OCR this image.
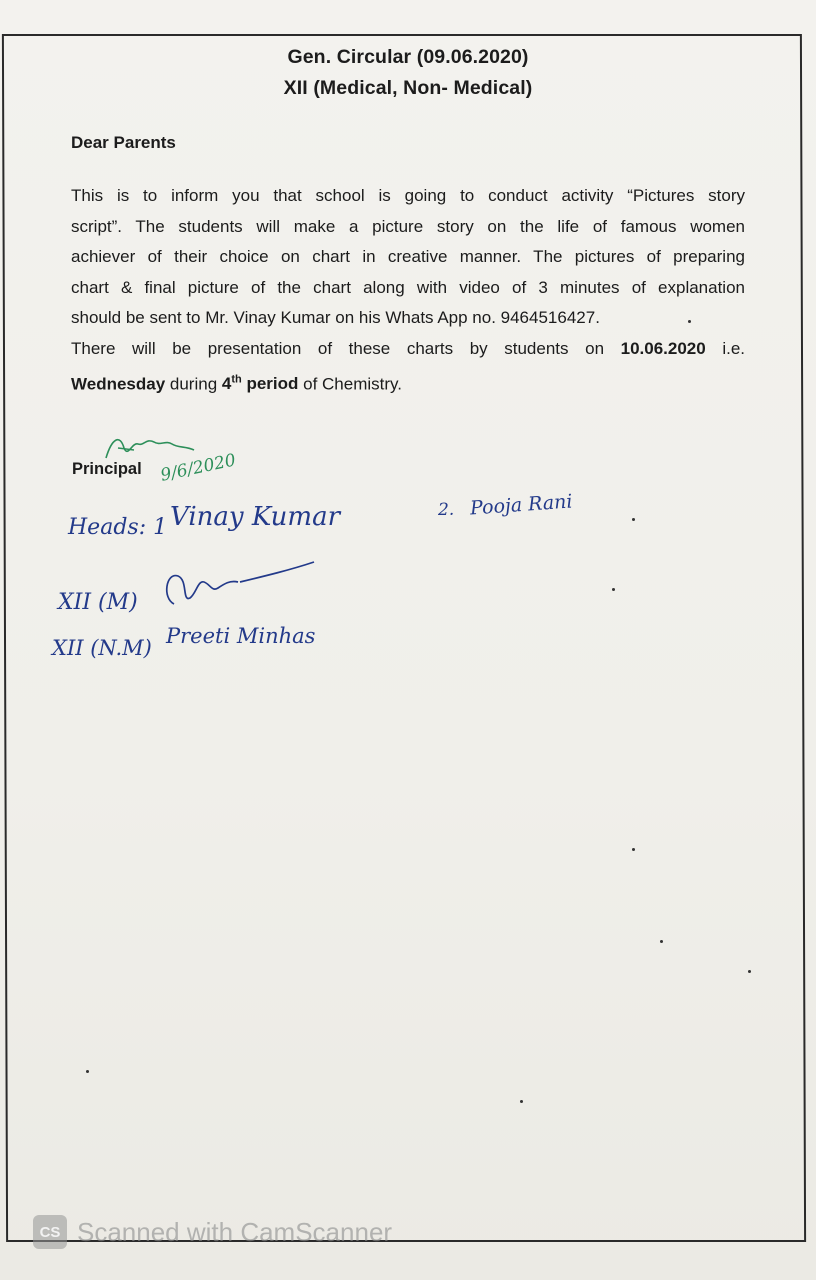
Gen. Circular (09.06.2020)
XII (Medical, Non- Medical)
Dear Parents
This is to inform you that school is going to conduct activity “Pictures story
script”. The students will make a picture story on the life of famous women
achiever of their choice on chart in creative manner. The pictures of preparing
chart & final picture of the chart along with video of 3 minutes of explanation
should be sent to Mr. Vinay Kumar on his Whats App no. 9464516427.
There will be presentation of these charts by students on 10.06.2020 i.e.
Wednesday during 4th period of Chemistry.
Principal 9/6/2020
Heads: 1 Vinay Kumar	2. Pooja Rani
XII (M)
XII (N.M) Preeti Minhas
CS Scanned with CamScanner
